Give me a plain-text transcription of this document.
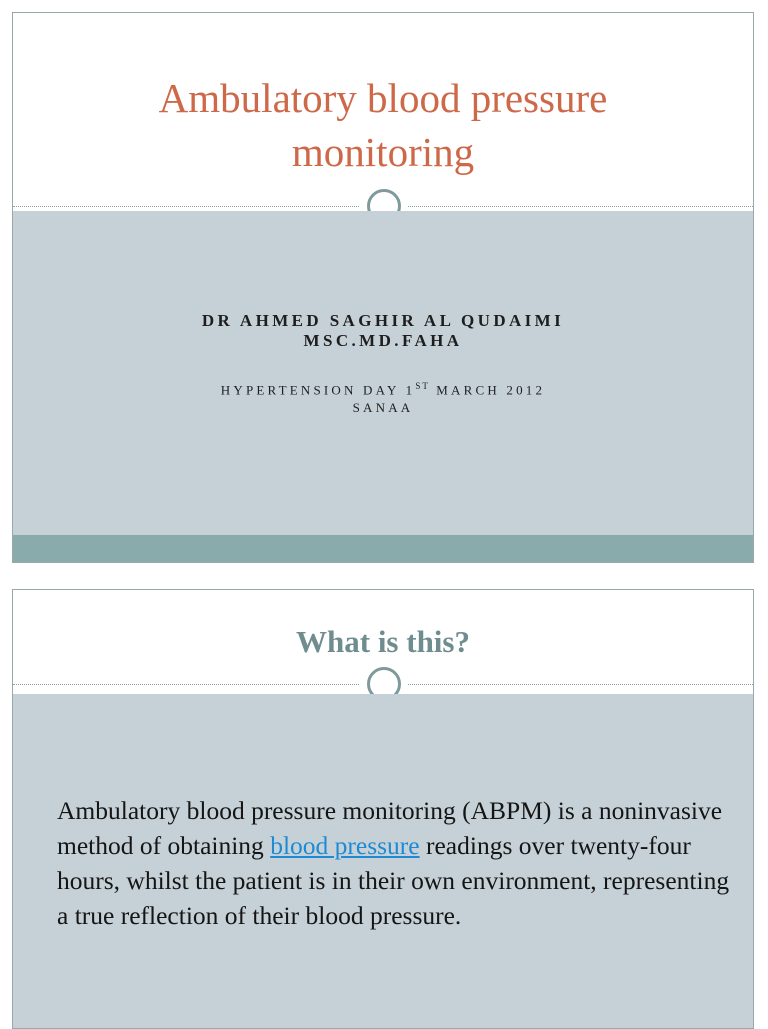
Ambulatory blood pressure
monitoring
DR AHMED SAGHIR AL QUDAIMI
MSC.MD.FAHA
HYPERTENSION DAY 1ST MARCH 2012
SANAA
What is this?

Ambulatory blood pressure monitoring (ABPM) is a noninvasive method of obtaining blood pressure readings over twenty-four hours, whilst the patient is in their own environment, representing a true reflection of their blood pressure.
